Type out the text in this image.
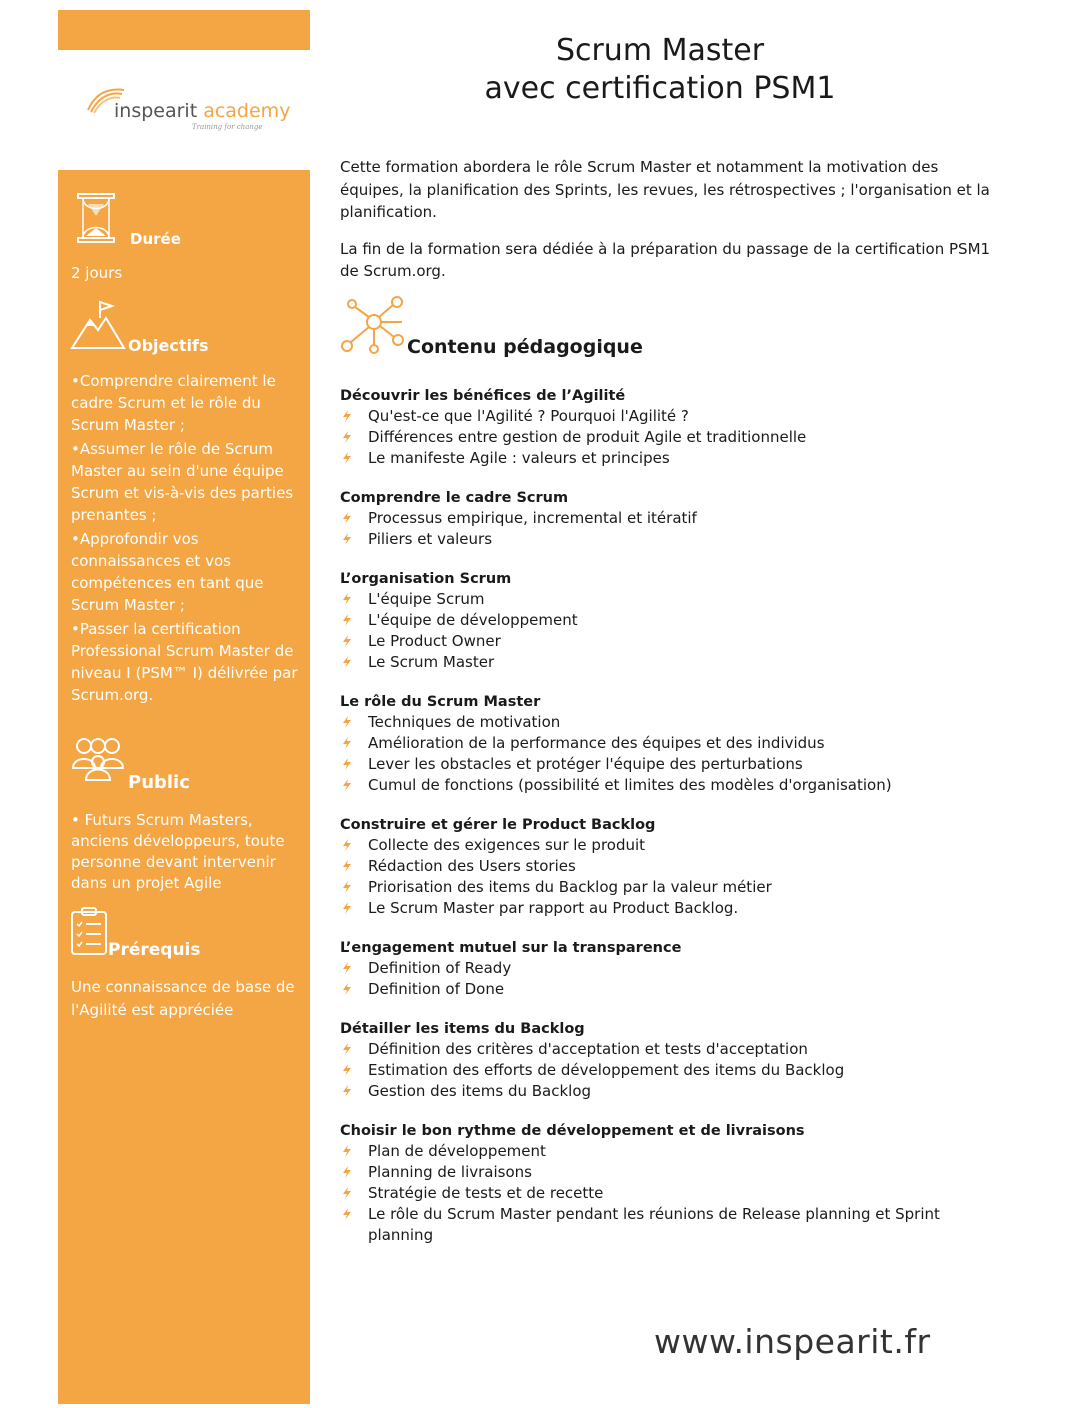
inspearit academy
Training for change
Durée
2 jours
Objectifs

•Comprendre clairement le cadre Scrum et le rôle du Scrum Master ;

•Assumer le rôle de Scrum Master au sein d'une équipe Scrum et vis-à-vis des parties prenantes ;

•Approfondir vos connaissances et vos compétences en tant que Scrum Master ;

•Passer la certification Professional Scrum Master de niveau I (PSM™ I) délivrée par Scrum.org.

Public
• Futurs Scrum Masters, anciens développeurs, toute personne devant intervenir dans un projet Agile
Prérequis
Une connaissance de base de l'Agilité est appréciée
Scrum Master
avec certification PSM1

Cette formation abordera le rôle Scrum Master et notamment la motivation des équipes, la planification des Sprints, les revues, les rétrospectives ; l'organisation et la planification.

La fin de la formation sera dédiée à la préparation du passage de la certification PSM1 de Scrum.org.

Contenu pédagogique
Découvrir les bénéfices de l’Agilité
Qu'est-ce que l'Agilité ? Pourquoi l'Agilité ?
Différences entre gestion de produit Agile et traditionnelle
Le manifeste Agile : valeurs et principes
Comprendre le cadre Scrum
Processus empirique, incremental et itératif
Piliers et valeurs
L’organisation Scrum
L'équipe Scrum
L'équipe de développement
Le Product Owner
Le Scrum Master
Le rôle du Scrum Master
Techniques de motivation
Amélioration de la performance des équipes et des individus
Lever les obstacles et protéger l'équipe des perturbations
Cumul de fonctions (possibilité et limites des modèles d'organisation)
Construire et gérer le Product Backlog
Collecte des exigences sur le produit
Rédaction des Users stories
Priorisation des items du Backlog par la valeur métier
Le Scrum Master par rapport au Product Backlog.
L’engagement mutuel sur la transparence
Definition of Ready
Definition of Done
Détailler les items du Backlog
Définition des critères d'acceptation et tests d'acceptation
Estimation des efforts de développement des items du Backlog
Gestion des items du Backlog
Choisir le bon rythme de développement et de livraisons
Plan de développement
Planning de livraisons
Stratégie de tests et de recette
Le rôle du Scrum Master pendant les réunions de Release planning et Sprint planning
www.inspearit.fr
